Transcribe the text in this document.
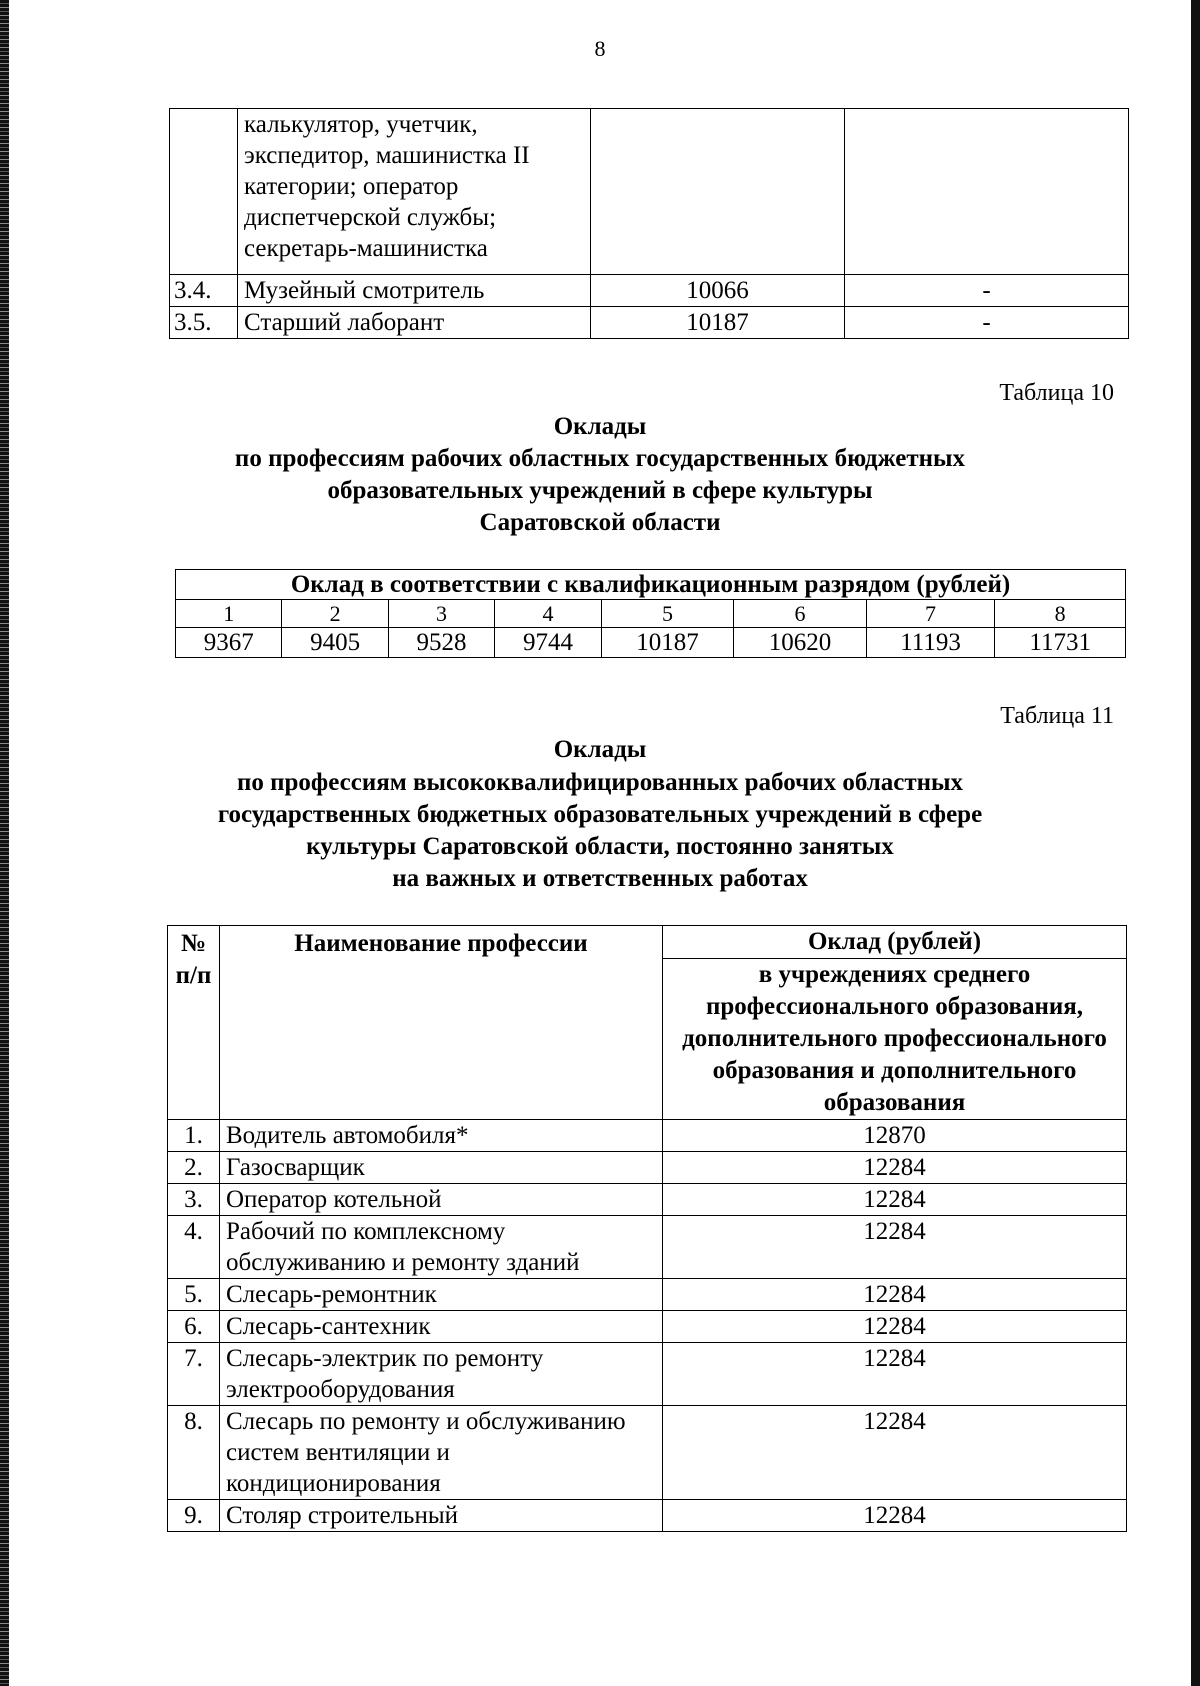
8
	калькулятор, учетчик, экспедитор, машинистка II категории; оператор диспетчерской службы; секретарь-машинистка		
3.4.	Музейный смотритель	10066	-
3.5.	Старший лаборант	10187	-
Таблица 10
Оклады
по профессиям рабочих областных государственных бюджетных
образовательных учреждений в сфере культуры
Саратовской области
Оклад в соответствии с квалификационным разрядом (рублей)							
1	2	3	4	5	6	7	8
9367	9405	9528	9744	10187	10620	11193	11731
Таблица 11
Оклады
по профессиям высококвалифицированных рабочих областных
государственных бюджетных образовательных учреждений в сфере
культуры Саратовской области, постоянно занятых
на важных и ответственных работах
№ п/п	Наименование профессии	Оклад (рублей)
		в учреждениях среднего профессионального образования, дополнительного профессионального образования и дополнительного образования
1.	Водитель автомобиля*	12870
2.	Газосварщик	12284
3.	Оператор котельной	12284
4.	Рабочий по комплексному обслуживанию и ремонту зданий	12284
5.	Слесарь-ремонтник	12284
6.	Слесарь-сантехник	12284
7.	Слесарь-электрик по ремонту электрооборудования	12284
8.	Слесарь по ремонту и обслуживанию систем вентиляции и кондиционирования	12284
9.	Столяр строительный	12284
